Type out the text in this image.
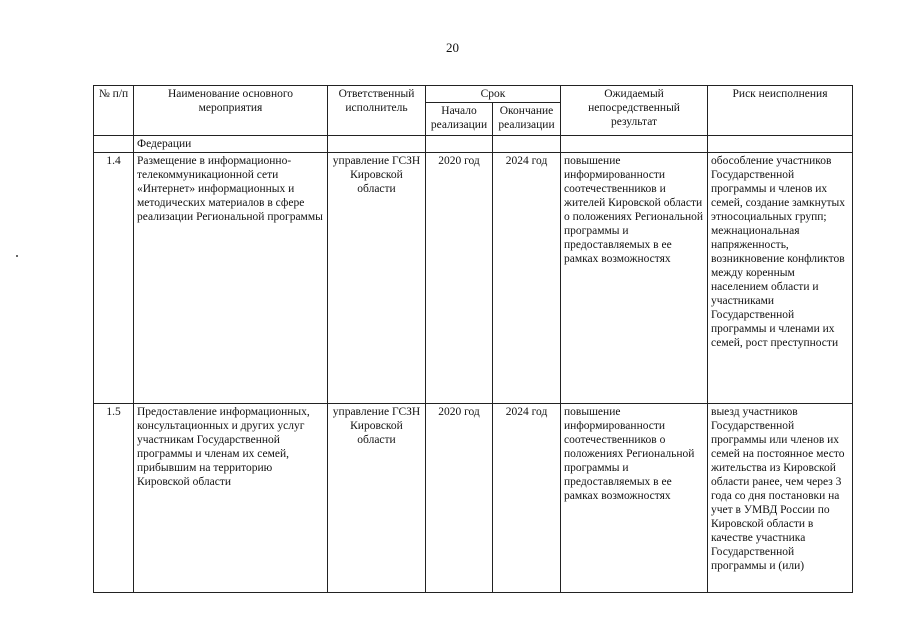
20
№ п/п	Наименование основного мероприятия	Ответственный исполнитель	Срок		Ожидаемый непосредственный результат	Риск неисполнения
			Начало реализации	Окончание реализации		
	Федерации					
1.4	Размещение в информационно-телекоммуникационной сети «Интернет» информационных и методических материалов в сфере реализации Региональной программы	управление ГСЗН Кировской области	2020 год	2024 год	повышение информированности соотечественников и жителей Кировской области о положениях Региональной программы и предоставляемых в ее рамках возможностях	обособление участников Государственной программы и членов их семей, создание замкнутых этносоциальных групп; межнациональная напряженность, возникновение конфликтов между коренным населением области и участниками Государственной программы и членами их семей, рост преступности
1.5	Предоставление информационных, консультационных и других услуг участникам Государственной программы и членам их семей, прибывшим на территорию Кировской области	управление ГСЗН Кировской области	2020 год	2024 год	повышение информированности соотечественников о положениях Региональной программы и предоставляемых в ее рамках возможностях	выезд участников Государственной программы или членов их семей на постоянное место жительства из Кировской области ранее, чем через 3 года со дня постановки на учет в УМВД России по Кировской области в качестве участника Государственной программы и (или)
